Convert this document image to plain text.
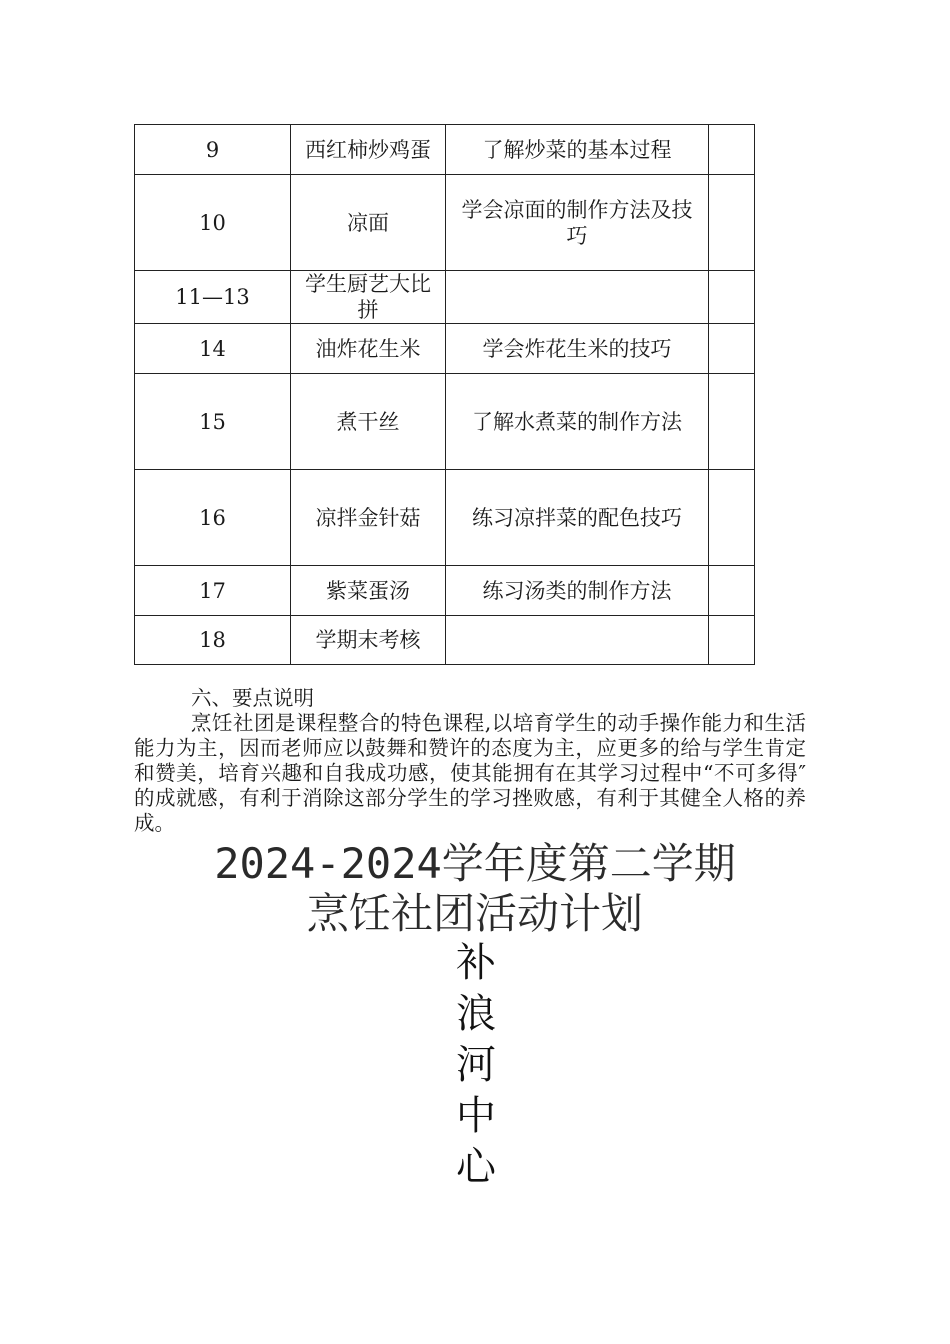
9	西红柿炒鸡蛋	了解炒菜的基本过程	
10	凉面	学会凉面的制作方法及技巧	
11—13	学生厨艺大比拼		
14	油炸花生米	学会炸花生米的技巧	
15	煮干丝	了解水煮菜的制作方法	
16	凉拌金针菇	练习凉拌菜的配色技巧	
17	紫菜蛋汤	练习汤类的制作方法	
18	学期末考核		

六、要点说明

烹饪社团是课程整合的特色课程,以培育学生的动手操作能力和生活能力为主，因而老师应以鼓舞和赞许的态度为主，应更多的给与学生肯定和赞美，培育兴趣和自我成功感，使其能拥有在其学习过程中“不可多得″的成就感，有利于消除这部分学生的学习挫败感，有利于其健全人格的养成。

2024-2024学年度第二学期
烹饪社团活动计划
补
浪
河
中
心
